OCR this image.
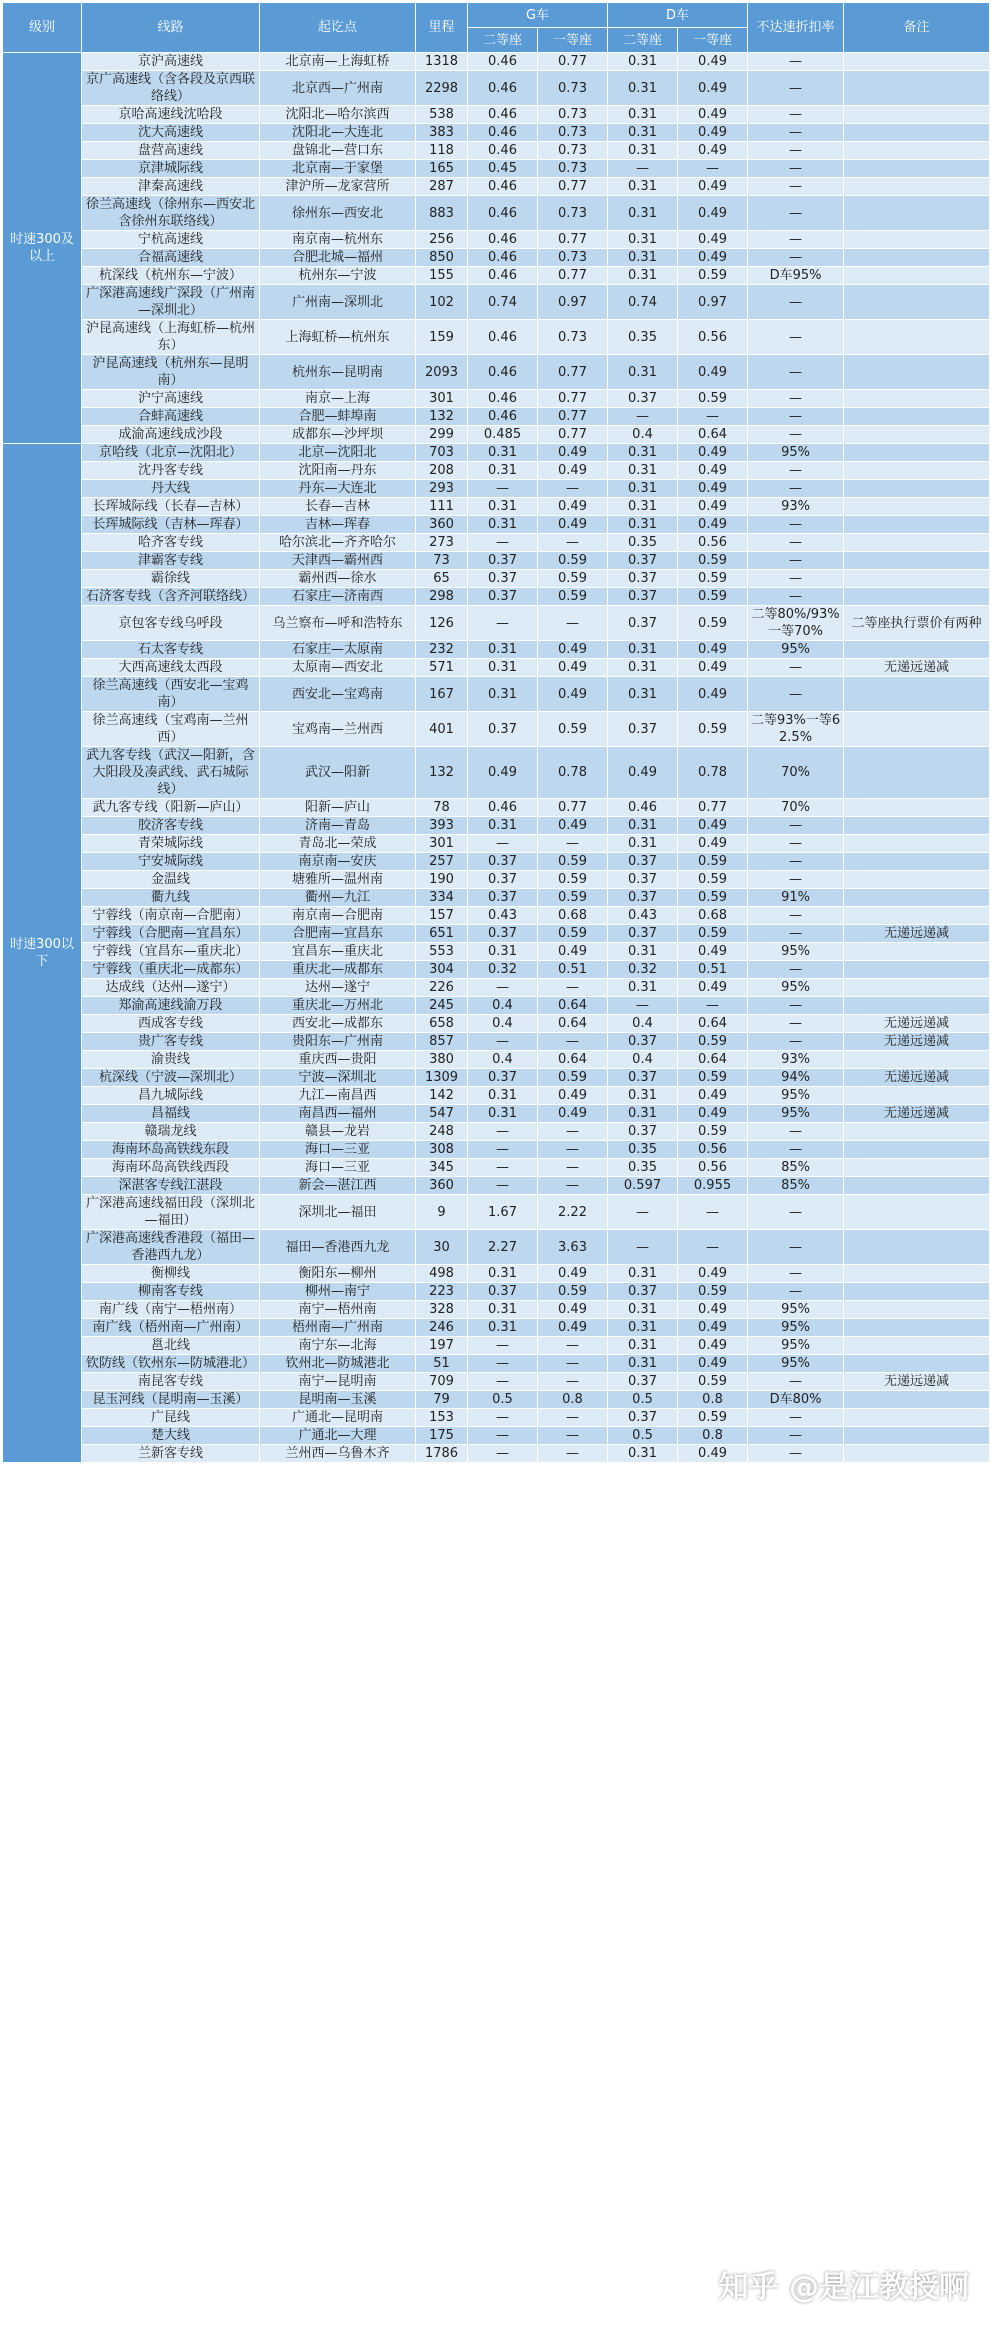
级别	线路	起讫点	里程	G车		D车		不达速折扣率	备注
				二等座	一等座	二等座	一等座		
时速300及以上	京沪高速线	北京南—上海虹桥	1318	0.46	0.77	0.31	0.49	—	
	京广高速线（含各段及京西联络线）	北京西—广州南	2298	0.46	0.73	0.31	0.49	—	
	京哈高速线沈哈段	沈阳北—哈尔滨西	538	0.46	0.73	0.31	0.49	—	
	沈大高速线	沈阳北—大连北	383	0.46	0.73	0.31	0.49	—	
	盘营高速线	盘锦北—营口东	118	0.46	0.73	0.31	0.49	—	
	京津城际线	北京南—于家堡	165	0.45	0.73	—	—	—	
	津秦高速线	津沪所—龙家营所	287	0.46	0.77	0.31	0.49	—	
	徐兰高速线（徐州东—西安北含徐州东联络线）	徐州东—西安北	883	0.46	0.73	0.31	0.49	—	
	宁杭高速线	南京南—杭州东	256	0.46	0.77	0.31	0.49	—	
	合福高速线	合肥北城—福州	850	0.46	0.73	0.31	0.49	—	
	杭深线（杭州东—宁波）	杭州东—宁波	155	0.46	0.77	0.31	0.59	D车95%	
	广深港高速线广深段（广州南—深圳北）	广州南—深圳北	102	0.74	0.97	0.74	0.97	—	
	沪昆高速线（上海虹桥—杭州东）	上海虹桥—杭州东	159	0.46	0.73	0.35	0.56	—	
	沪昆高速线（杭州东—昆明南）	杭州东—昆明南	2093	0.46	0.77	0.31	0.49	—	
	沪宁高速线	南京—上海	301	0.46	0.77	0.37	0.59	—	
	合蚌高速线	合肥—蚌埠南	132	0.46	0.77	—	—	—	
	成渝高速线成沙段	成都东—沙坪坝	299	0.485	0.77	0.4	0.64	—	
时速300以下	京哈线（北京—沈阳北）	北京—沈阳北	703	0.31	0.49	0.31	0.49	95%	
	沈丹客专线	沈阳南—丹东	208	0.31	0.49	0.31	0.49	—	
	丹大线	丹东—大连北	293	—	—	0.31	0.49	—	
	长珲城际线（长春—吉林）	长春—吉林	111	0.31	0.49	0.31	0.49	93%	
	长珲城际线（吉林—珲春）	吉林—珲春	360	0.31	0.49	0.31	0.49	—	
	哈齐客专线	哈尔滨北—齐齐哈尔	273	—	—	0.35	0.56	—	
	津霸客专线	天津西—霸州西	73	0.37	0.59	0.37	0.59	—	
	霸徐线	霸州西—徐水	65	0.37	0.59	0.37	0.59	—	
	石济客专线（含齐河联络线）	石家庄—济南西	298	0.37	0.59	0.37	0.59	—	
	京包客专线乌呼段	乌兰察布—呼和浩特东	126	—	—	0.37	0.59	二等80%/93%一等70%	二等座执行票价有两种
	石太客专线	石家庄—太原南	232	0.31	0.49	0.31	0.49	95%	
	大西高速线太西段	太原南—西安北	571	0.31	0.49	0.31	0.49	—	无递远递减
	徐兰高速线（西安北—宝鸡南）	西安北—宝鸡南	167	0.31	0.49	0.31	0.49	—	
	徐兰高速线（宝鸡南—兰州西）	宝鸡南—兰州西	401	0.37	0.59	0.37	0.59	二等93%一等62.5%	
	武九客专线（武汉—阳新，含大阳段及凑武线、武石城际线）	武汉—阳新	132	0.49	0.78	0.49	0.78	70%	
	武九客专线（阳新—庐山）	阳新—庐山	78	0.46	0.77	0.46	0.77	70%	
	胶济客专线	济南—青岛	393	0.31	0.49	0.31	0.49	—	
	青荣城际线	青岛北—荣成	301	—	—	0.31	0.49	—	
	宁安城际线	南京南—安庆	257	0.37	0.59	0.37	0.59	—	
	金温线	塘雅所—温州南	190	0.37	0.59	0.37	0.59	—	
	衢九线	衢州—九江	334	0.37	0.59	0.37	0.59	91%	
	宁蓉线（南京南—合肥南）	南京南—合肥南	157	0.43	0.68	0.43	0.68	—	
	宁蓉线（合肥南—宜昌东）	合肥南—宜昌东	651	0.37	0.59	0.37	0.59	—	无递远递减
	宁蓉线（宜昌东—重庆北）	宜昌东—重庆北	553	0.31	0.49	0.31	0.49	95%	
	宁蓉线（重庆北—成都东）	重庆北—成都东	304	0.32	0.51	0.32	0.51	—	
	达成线（达州—遂宁）	达州—遂宁	226	—	—	0.31	0.49	95%	
	郑渝高速线渝万段	重庆北—万州北	245	0.4	0.64	—	—	—	
	西成客专线	西安北—成都东	658	0.4	0.64	0.4	0.64	—	无递远递减
	贵广客专线	贵阳东—广州南	857	—	—	0.37	0.59	—	无递远递减
	渝贵线	重庆西—贵阳	380	0.4	0.64	0.4	0.64	93%	
	杭深线（宁波—深圳北）	宁波—深圳北	1309	0.37	0.59	0.37	0.59	94%	无递远递减
	昌九城际线	九江—南昌西	142	0.31	0.49	0.31	0.49	95%	
	昌福线	南昌西—福州	547	0.31	0.49	0.31	0.49	95%	无递远递减
	赣瑞龙线	赣县—龙岩	248	—	—	0.37	0.59	—	
	海南环岛高铁线东段	海口—三亚	308	—	—	0.35	0.56	—	
	海南环岛高铁线西段	海口—三亚	345	—	—	0.35	0.56	85%	
	深湛客专线江湛段	新会—湛江西	360	—	—	0.597	0.955	85%	
	广深港高速线福田段（深圳北—福田）	深圳北—福田	9	1.67	2.22	—	—	—	
	广深港高速线香港段（福田—香港西九龙）	福田—香港西九龙	30	2.27	3.63	—	—	—	
	衡柳线	衡阳东—柳州	498	0.31	0.49	0.31	0.49	—	
	柳南客专线	柳州—南宁	223	0.37	0.59	0.37	0.59	—	
	南广线（南宁—梧州南）	南宁—梧州南	328	0.31	0.49	0.31	0.49	95%	
	南广线（梧州南—广州南）	梧州南—广州南	246	0.31	0.49	0.31	0.49	95%	
	邕北线	南宁东—北海	197	—	—	0.31	0.49	95%	
	钦防线（钦州东—防城港北）	钦州北—防城港北	51	—	—	0.31	0.49	95%	
	南昆客专线	南宁—昆明南	709	—	—	0.37	0.59	—	无递远递减
	昆玉河线（昆明南—玉溪）	昆明南—玉溪	79	0.5	0.8	0.5	0.8	D车80%	
	广昆线	广通北—昆明南	153	—	—	0.37	0.59	—	
	楚大线	广通北—大理	175	—	—	0.5	0.8	—	
	兰新客专线	兰州西—乌鲁木齐	1786	—	—	0.31	0.49	—	
知乎 @是江教授啊
